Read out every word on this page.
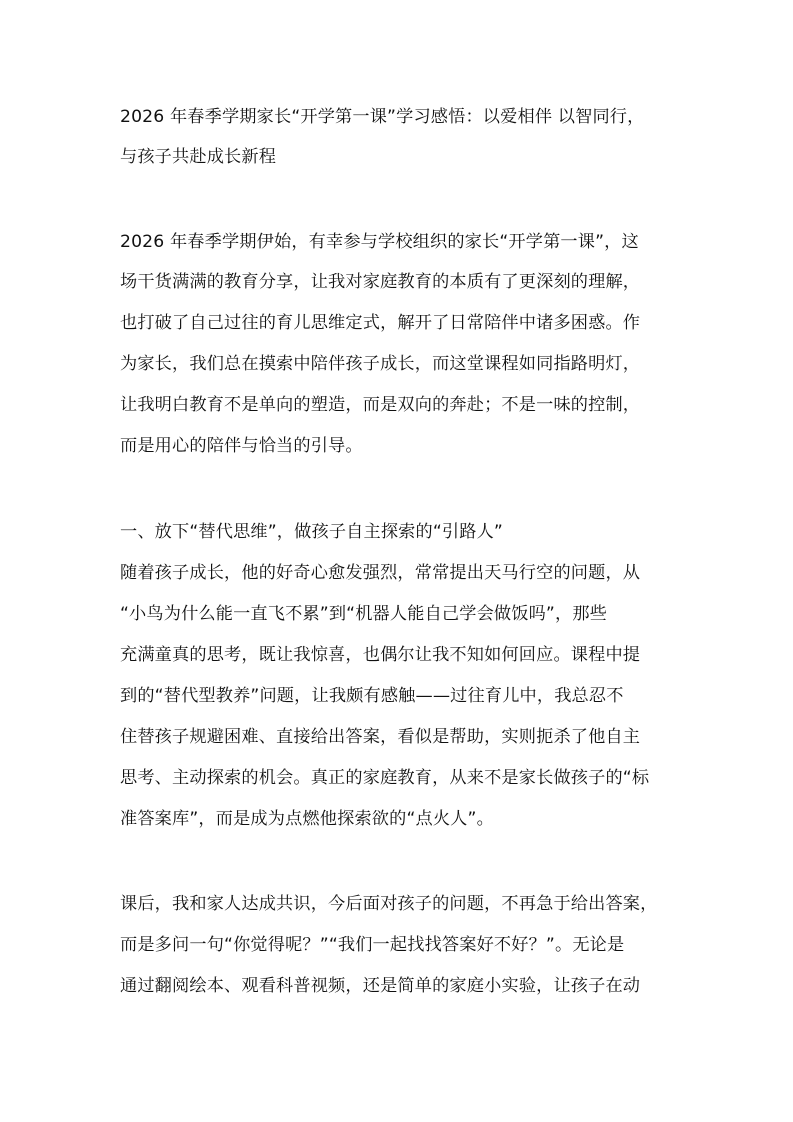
2026 年春季学期家长“开学第一课”学习感悟：以爱相伴 以智同行，
与孩子共赴成长新程
2026 年春季学期伊始，有幸参与学校组织的家长“开学第一课”，这
场干货满满的教育分享，让我对家庭教育的本质有了更深刻的理解，
也打破了自己过往的育儿思维定式，解开了日常陪伴中诸多困惑。作
为家长，我们总在摸索中陪伴孩子成长，而这堂课程如同指路明灯，
让我明白教育不是单向的塑造，而是双向的奔赴；不是一味的控制，
而是用心的陪伴与恰当的引导。
一、放下“替代思维”，做孩子自主探索的“引路人”
随着孩子成长，他的好奇心愈发强烈，常常提出天马行空的问题，从
“小鸟为什么能一直飞不累”到“机器人能自己学会做饭吗”，那些
充满童真的思考，既让我惊喜，也偶尔让我不知如何回应。课程中提
到的“替代型教养”问题，让我颇有感触——过往育儿中，我总忍不
住替孩子规避困难、直接给出答案，看似是帮助，实则扼杀了他自主
思考、主动探索的机会。真正的家庭教育，从来不是家长做孩子的“标
准答案库”，而是成为点燃他探索欲的“点火人”。
课后，我和家人达成共识，今后面对孩子的问题，不再急于给出答案，
而是多问一句“你觉得呢？”“我们一起找找答案好不好？”。无论是
通过翻阅绘本、观看科普视频，还是简单的家庭小实验，让孩子在动
